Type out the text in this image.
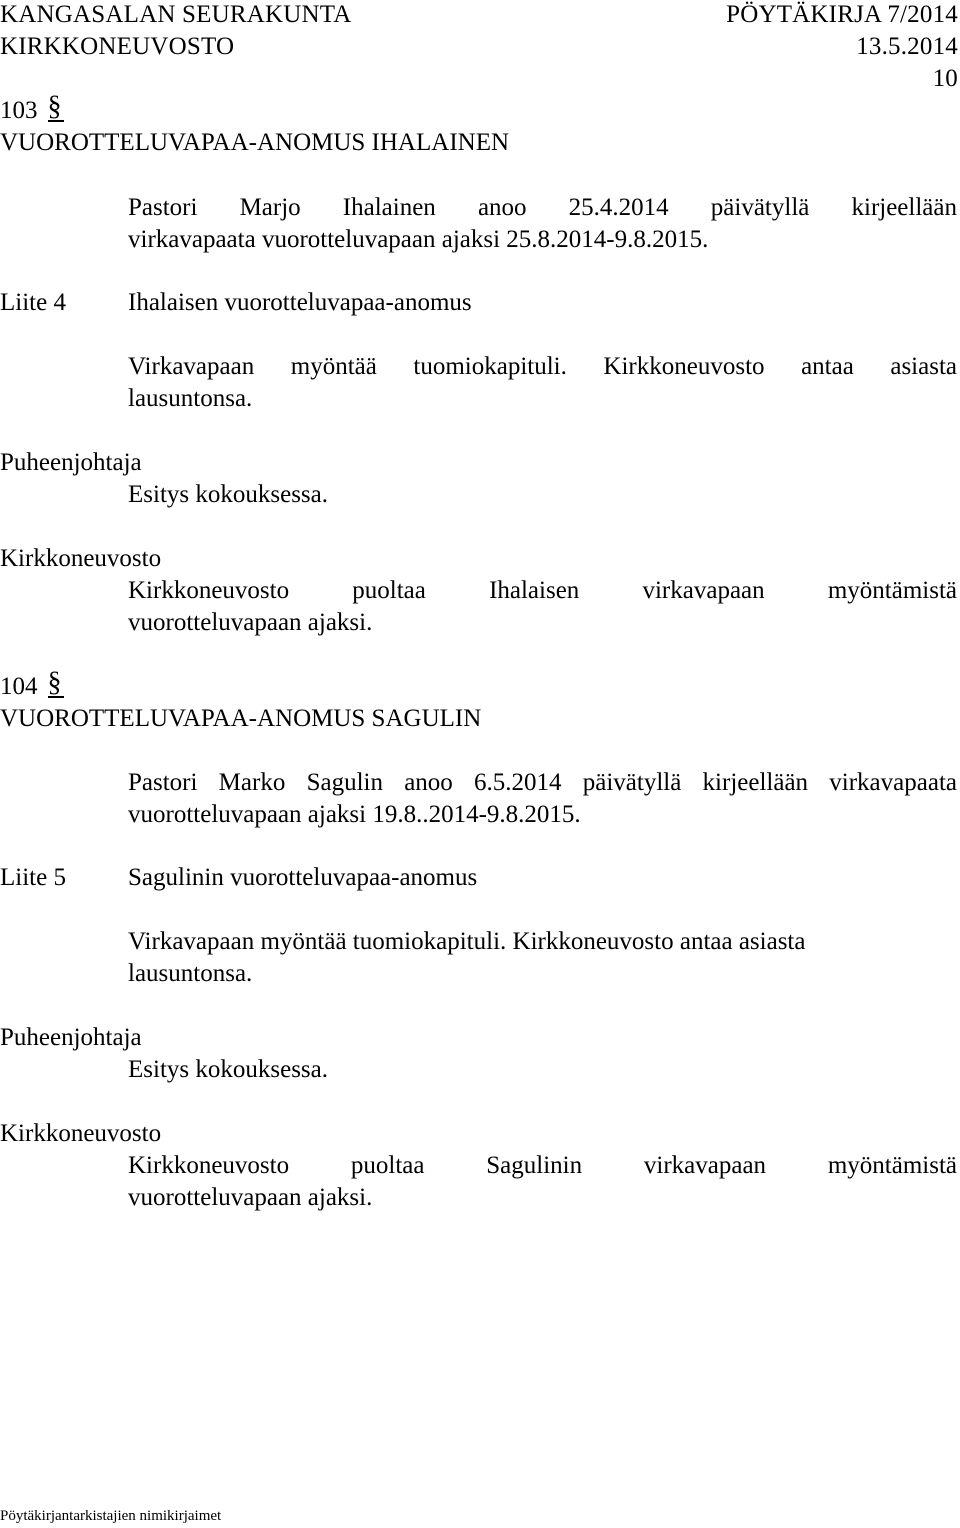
KANGASALAN SEURAKUNTA	PÖYTÄKIRJA 7/2014
KIRKKONEUVOSTO	13.5.2014
10
103§
VUOROTTELUVAPAA-ANOMUS IHALAINEN
Pastori Marjo Ihalainen anoo 25.4.2014 päivätyllä kirjeellään
virkavapaata vuorotteluvapaan ajaksi 25.8.2014-9.8.2015.
Liite 4 Ihalaisen vuorotteluvapaa-anomus
Virkavapaan myöntää tuomiokapituli. Kirkkoneuvosto antaa asiasta
lausuntonsa.
Puheenjohtaja
Esitys kokouksessa.
Kirkkoneuvosto
Kirkkoneuvosto puoltaa Ihalaisen virkavapaan myöntämistä
vuorotteluvapaan ajaksi.
104§
VUOROTTELUVAPAA-ANOMUS SAGULIN
Pastori Marko Sagulin anoo 6.5.2014 päivätyllä kirjeellään virkavapaata
vuorotteluvapaan ajaksi 19.8..2014-9.8.2015.
Liite 5 Sagulinin vuorotteluvapaa-anomus
Virkavapaan myöntää tuomiokapituli. Kirkkoneuvosto antaa asiasta
lausuntonsa.
Puheenjohtaja
Esitys kokouksessa.
Kirkkoneuvosto
Kirkkoneuvosto puoltaa Sagulinin virkavapaan myöntämistä
vuorotteluvapaan ajaksi.
Pöytäkirjantarkistajien nimikirjaimet
